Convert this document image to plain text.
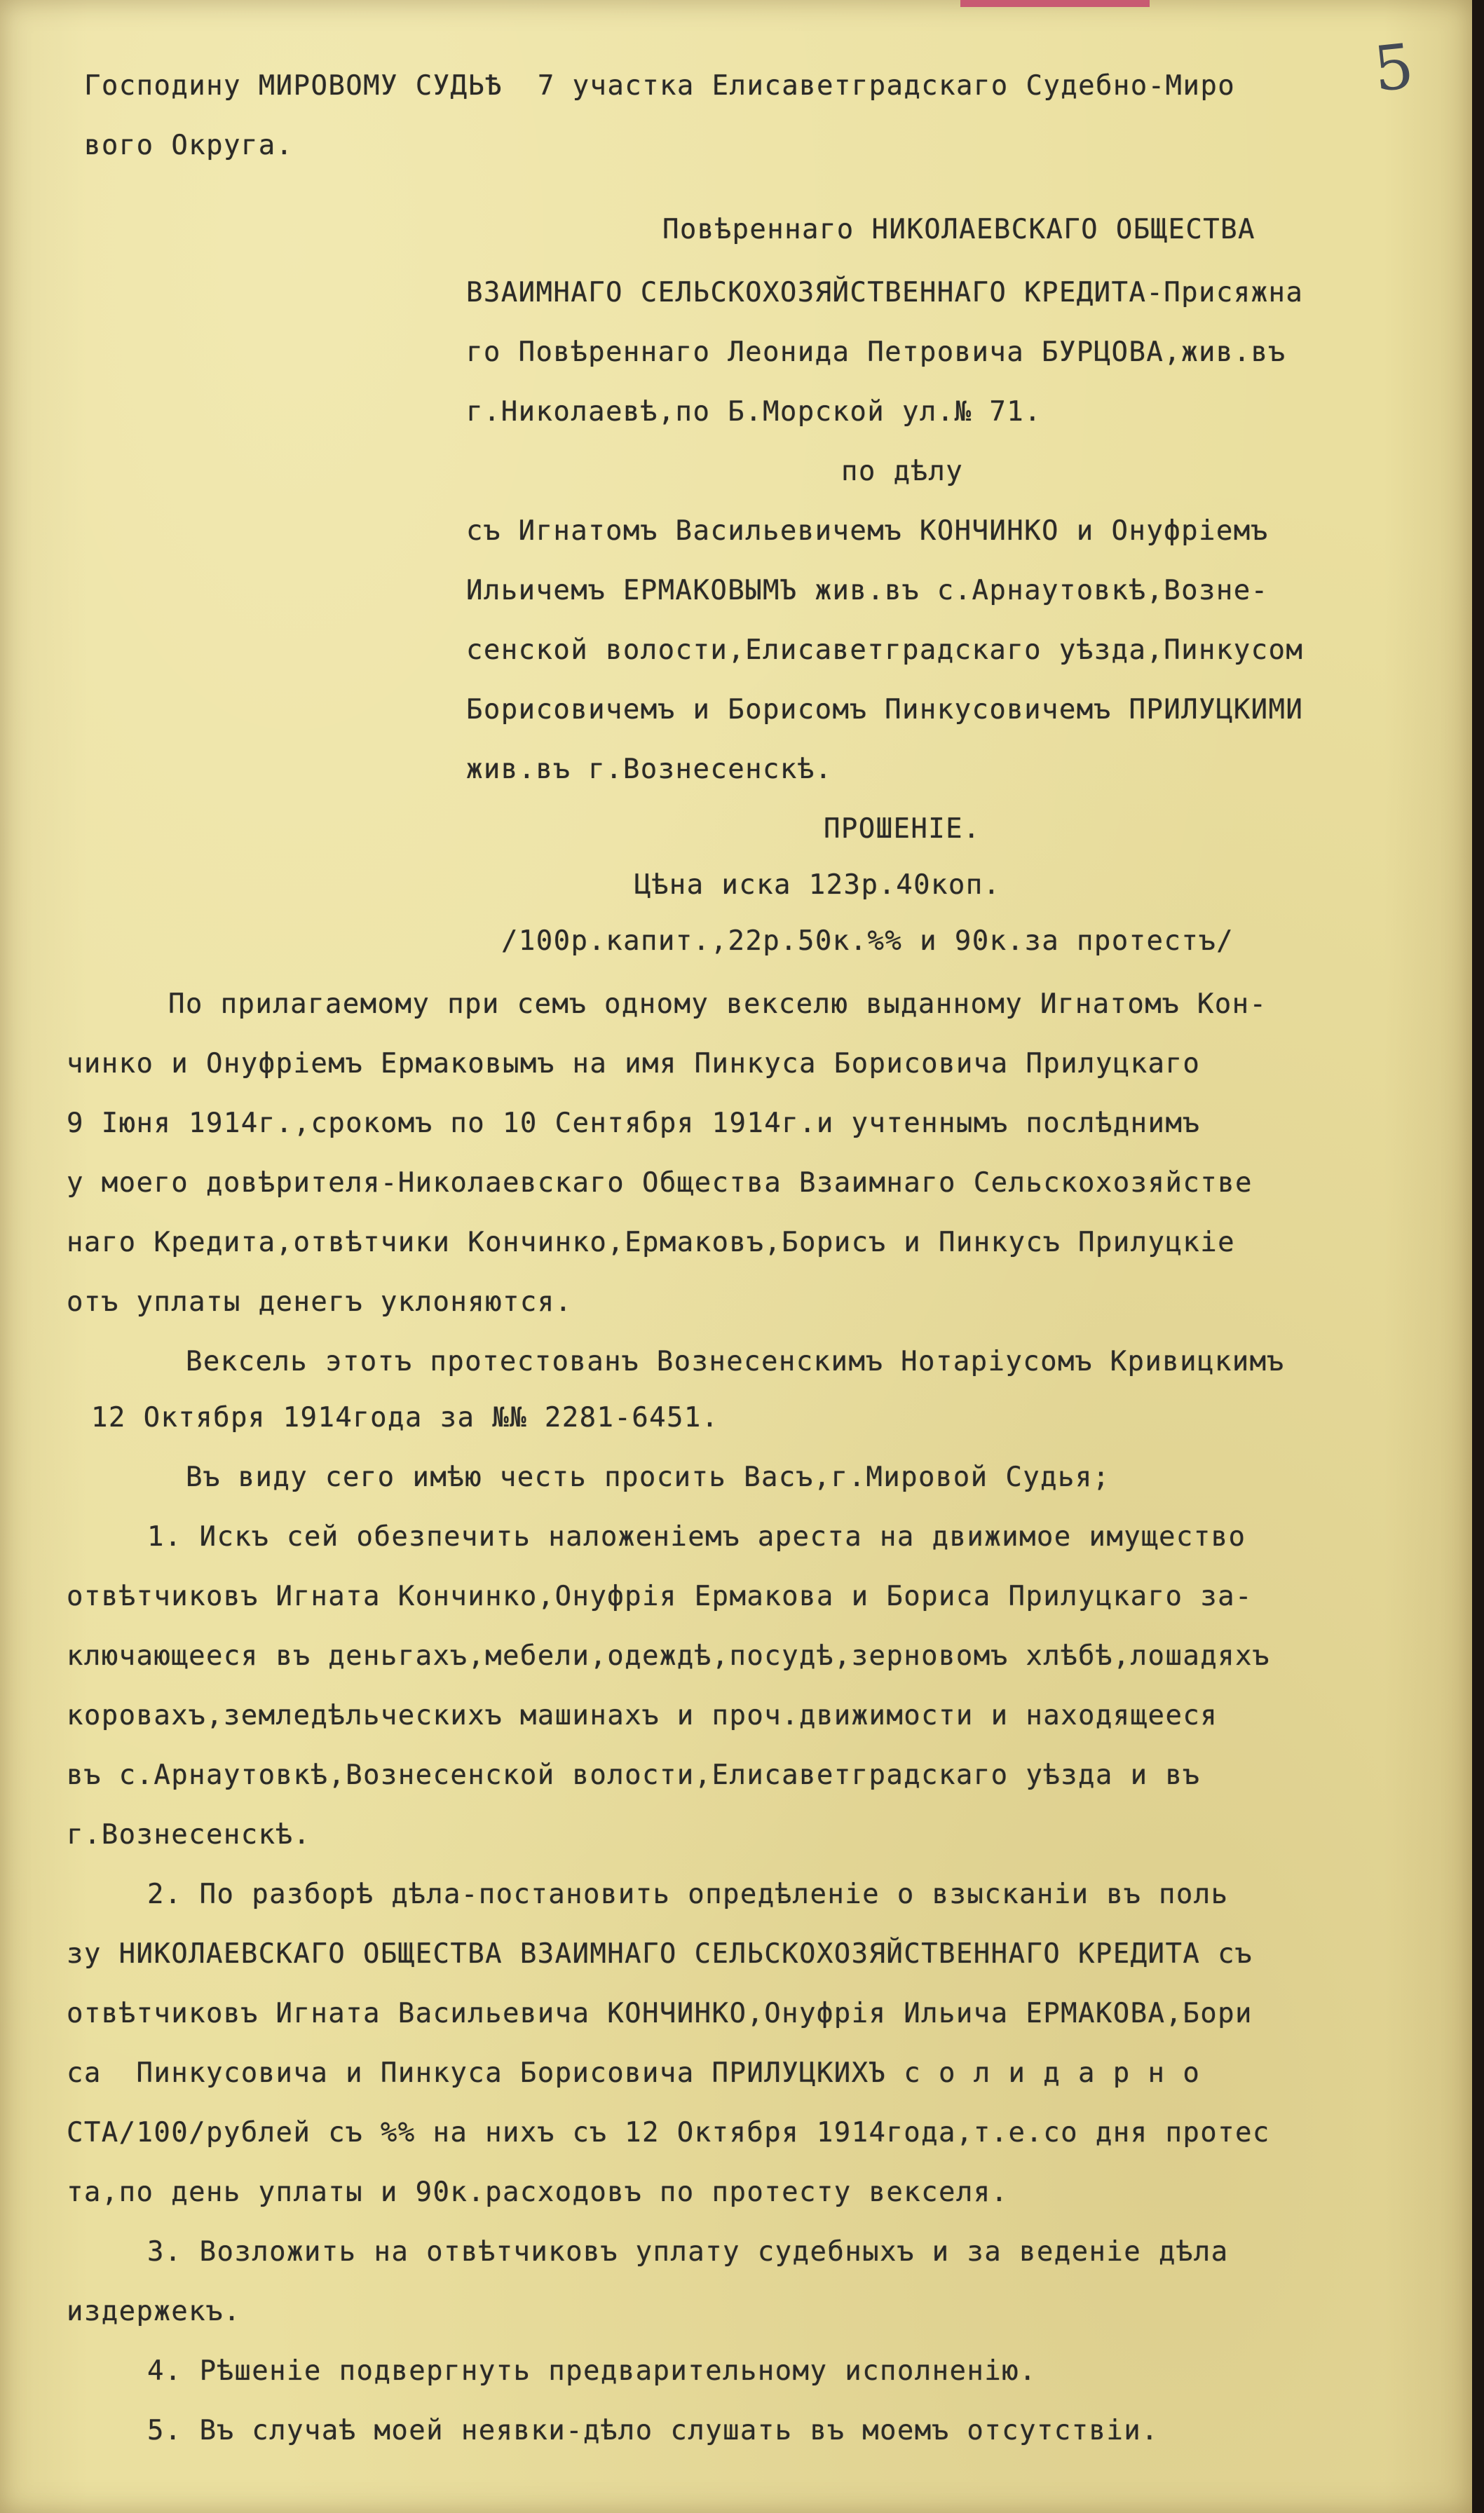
5
Господину МИРОВОМУ СУДЬѢ  7 участка Елисаветградскаго Судебно-Миро
вого Округа.
Повѣреннаго НИКОЛАЕВСКАГО ОБЩЕСТВА
ВЗАИМНАГО СЕЛЬСКОХОЗЯЙСТВЕННАГО КРЕДИТА-Присяжна
го Повѣреннаго Леонида Петровича БУРЦОВА,жив.въ
г.Николаевѣ,по Б.Морской ул.№ 71.
по дѣлу
съ Игнатомъ Васильевичемъ КОНЧИНКО и Онуфріемъ
Ильичемъ ЕРМАКОВЫМЪ жив.въ с.Арнаутовкѣ,Возне-
сенской волости,Елисаветградскаго уѣзда,Пинкусом
Борисовичемъ и Борисомъ Пинкусовичемъ ПРИЛУЦКИМИ
жив.въ г.Вознесенскѣ.
ПРОШЕНІЕ.
Цѣна иска 123р.40коп.
/100р.капит.,22р.50к.%% и 90к.за протестъ/
По прилагаемому при семъ одному векселю выданному Игнатомъ Кон-
чинко и Онуфріемъ Ермаковымъ на имя Пинкуса Борисовича Прилуцкаго
9 Іюня 1914г.,срокомъ по 10 Сентября 1914г.и учтеннымъ послѣднимъ
у моего довѣрителя-Николаевскаго Общества Взаимнаго Сельскохозяйстве
наго Кредита,отвѣтчики Кончинко,Ермаковъ,Борисъ и Пинкусъ Прилуцкіе
отъ уплаты денегъ уклоняются.
Вексель этотъ протестованъ Вознесенскимъ Нотаріусомъ Кривицкимъ
12 Октября 1914года за №№ 2281-6451.
Въ виду сего имѣю честь просить Васъ,г.Мировой Судья;
1. Искъ сей обезпечить наложеніемъ ареста на движимое имущество
отвѣтчиковъ Игната Кончинко,Онуфрія Ермакова и Бориса Прилуцкаго за-
ключающееся въ деньгахъ,мебели,одеждѣ,посудѣ,зерновомъ хлѣбѣ,лошадяхъ
коровахъ,земледѣльческихъ машинахъ и проч.движимости и находящееся
въ с.Арнаутовкѣ,Вознесенской волости,Елисаветградскаго уѣзда и въ
г.Вознесенскѣ.
2. По разборѣ дѣла-постановить опредѣленіе о взысканіи въ поль
зу НИКОЛАЕВСКАГО ОБЩЕСТВА ВЗАИМНАГО СЕЛЬСКОХОЗЯЙСТВЕННАГО КРЕДИТА съ
отвѣтчиковъ Игната Васильевича КОНЧИНКО,Онуфрія Ильича ЕРМАКОВА,Бори
са  Пинкусовича и Пинкуса Борисовича ПРИЛУЦКИХЪ с о л и д а р н о
СТА/100/рублей съ %% на нихъ съ 12 Октября 1914года,т.е.со дня протес
та,по день уплаты и 90к.расходовъ по протесту векселя.
3. Возложить на отвѣтчиковъ уплату судебныхъ и за веденіе дѣла
издержекъ.
4. Рѣшеніе подвергнуть предварительному исполненію.
5. Въ случаѣ моей неявки-дѣло слушать въ моемъ отсутствіи.
